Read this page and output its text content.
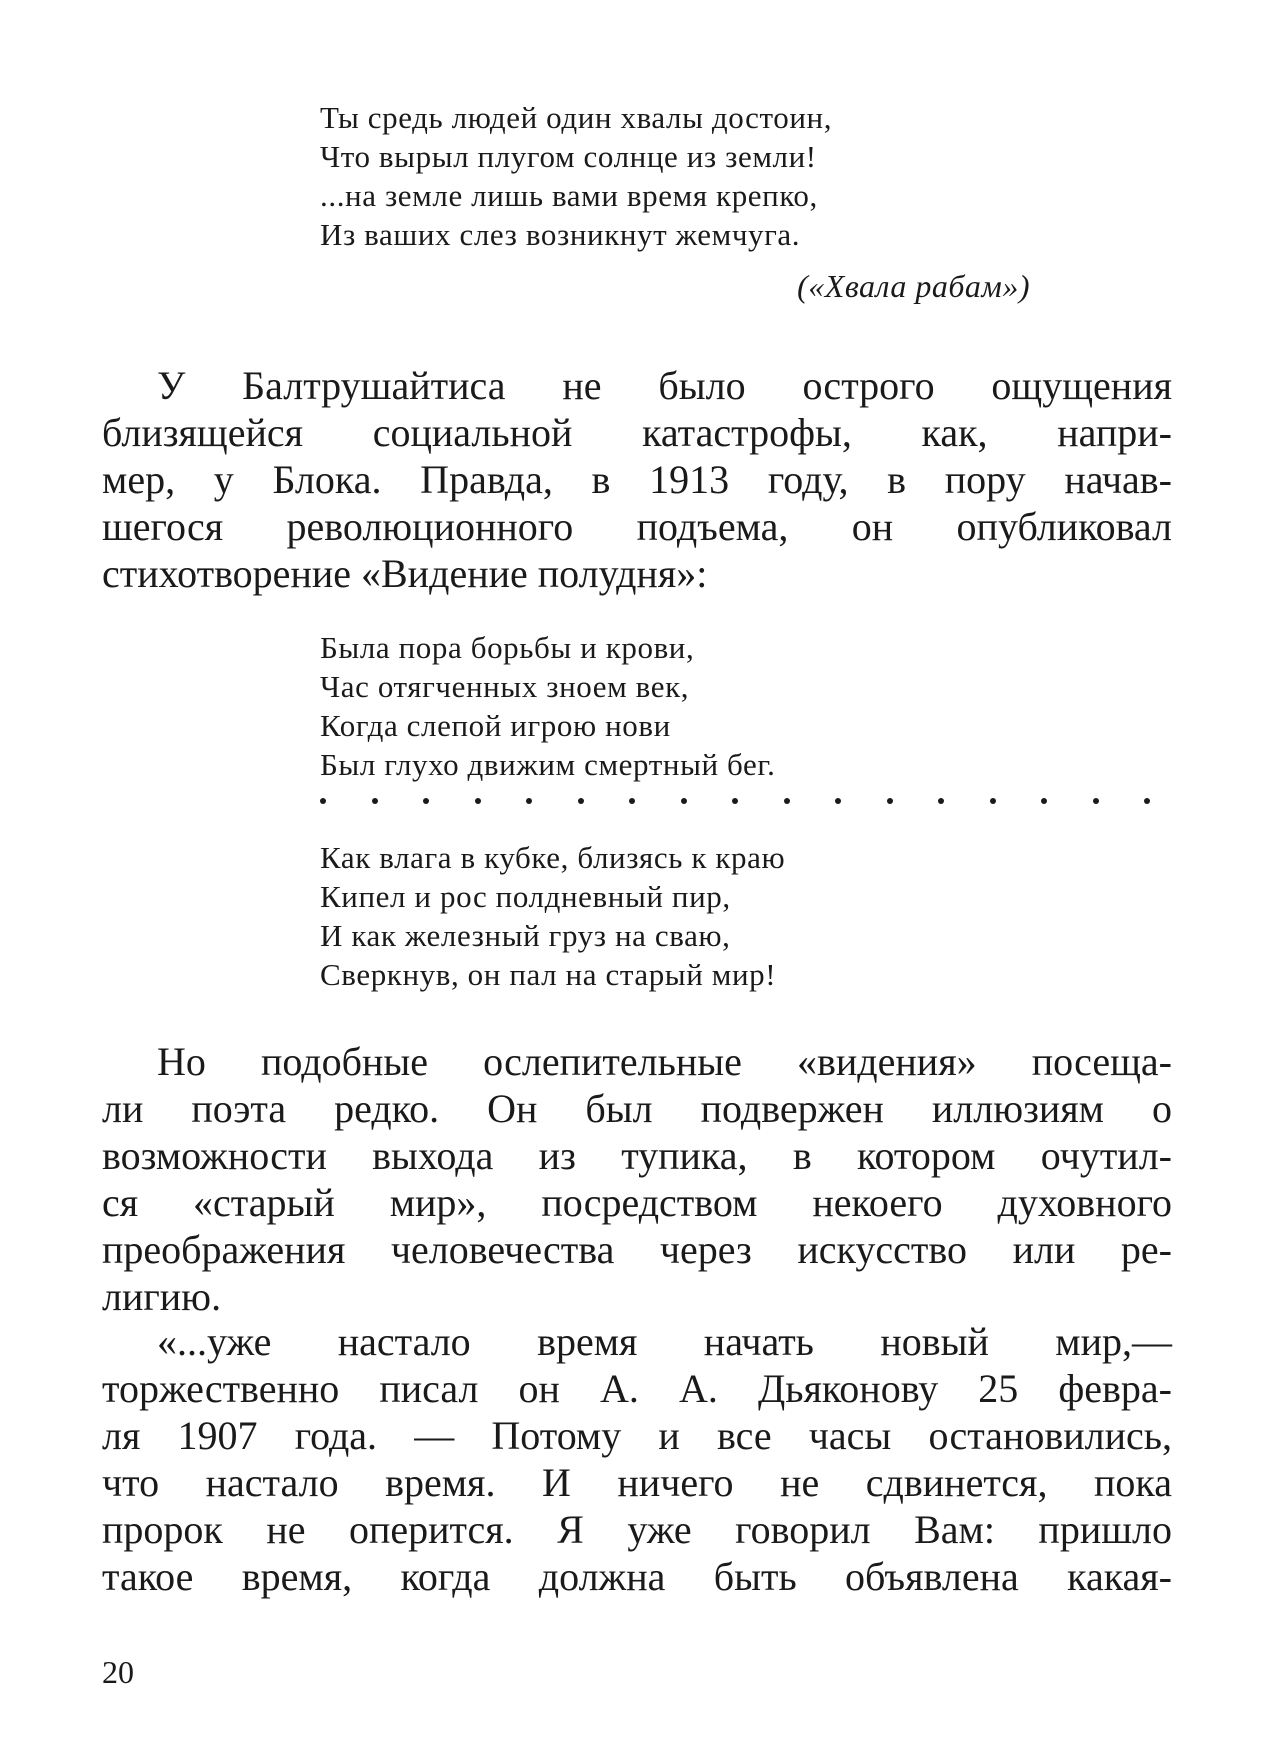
Ты средь людей один хвалы достоин,
Что вырыл плугом солнце из земли!
...на земле лишь вами время крепко,
Из ваших слез возникнут жемчуга.
(«Хвала рабам»)
У Балтрушайтиса не было острого ощущения
близящейся социальной катастрофы, как, напри-
мер, у Блока. Правда, в 1913 году, в пору начав-
шегося революционного подъема, он опубликовал
стихотворение «Видение полудня»:
Была пора борьбы и крови,
Час отягченных зноем век,
Когда слепой игрою нови
Был глухо движим смертный бег.
Как влага в кубке, близясь к краю
Кипел и рос полдневный пир,
И как железный груз на сваю,
Сверкнув, он пал на старый мир!
Но подобные ослепительные «видения» посеща-
ли поэта редко. Он был подвержен иллюзиям о
возможности выхода из тупика, в котором очутил-
ся «старый мир», посредством некоего духовного
преображения человечества через искусство или ре-
лигию.
«...уже настало время начать новый мир,—
торжественно писал он А. А. Дьяконову 25 февра-
ля 1907 года. — Потому и все часы остановились,
что настало время. И ничего не сдвинется, пока
пророк не оперится. Я уже говорил Вам: пришло
такое время, когда должна быть объявлена какая-
20
